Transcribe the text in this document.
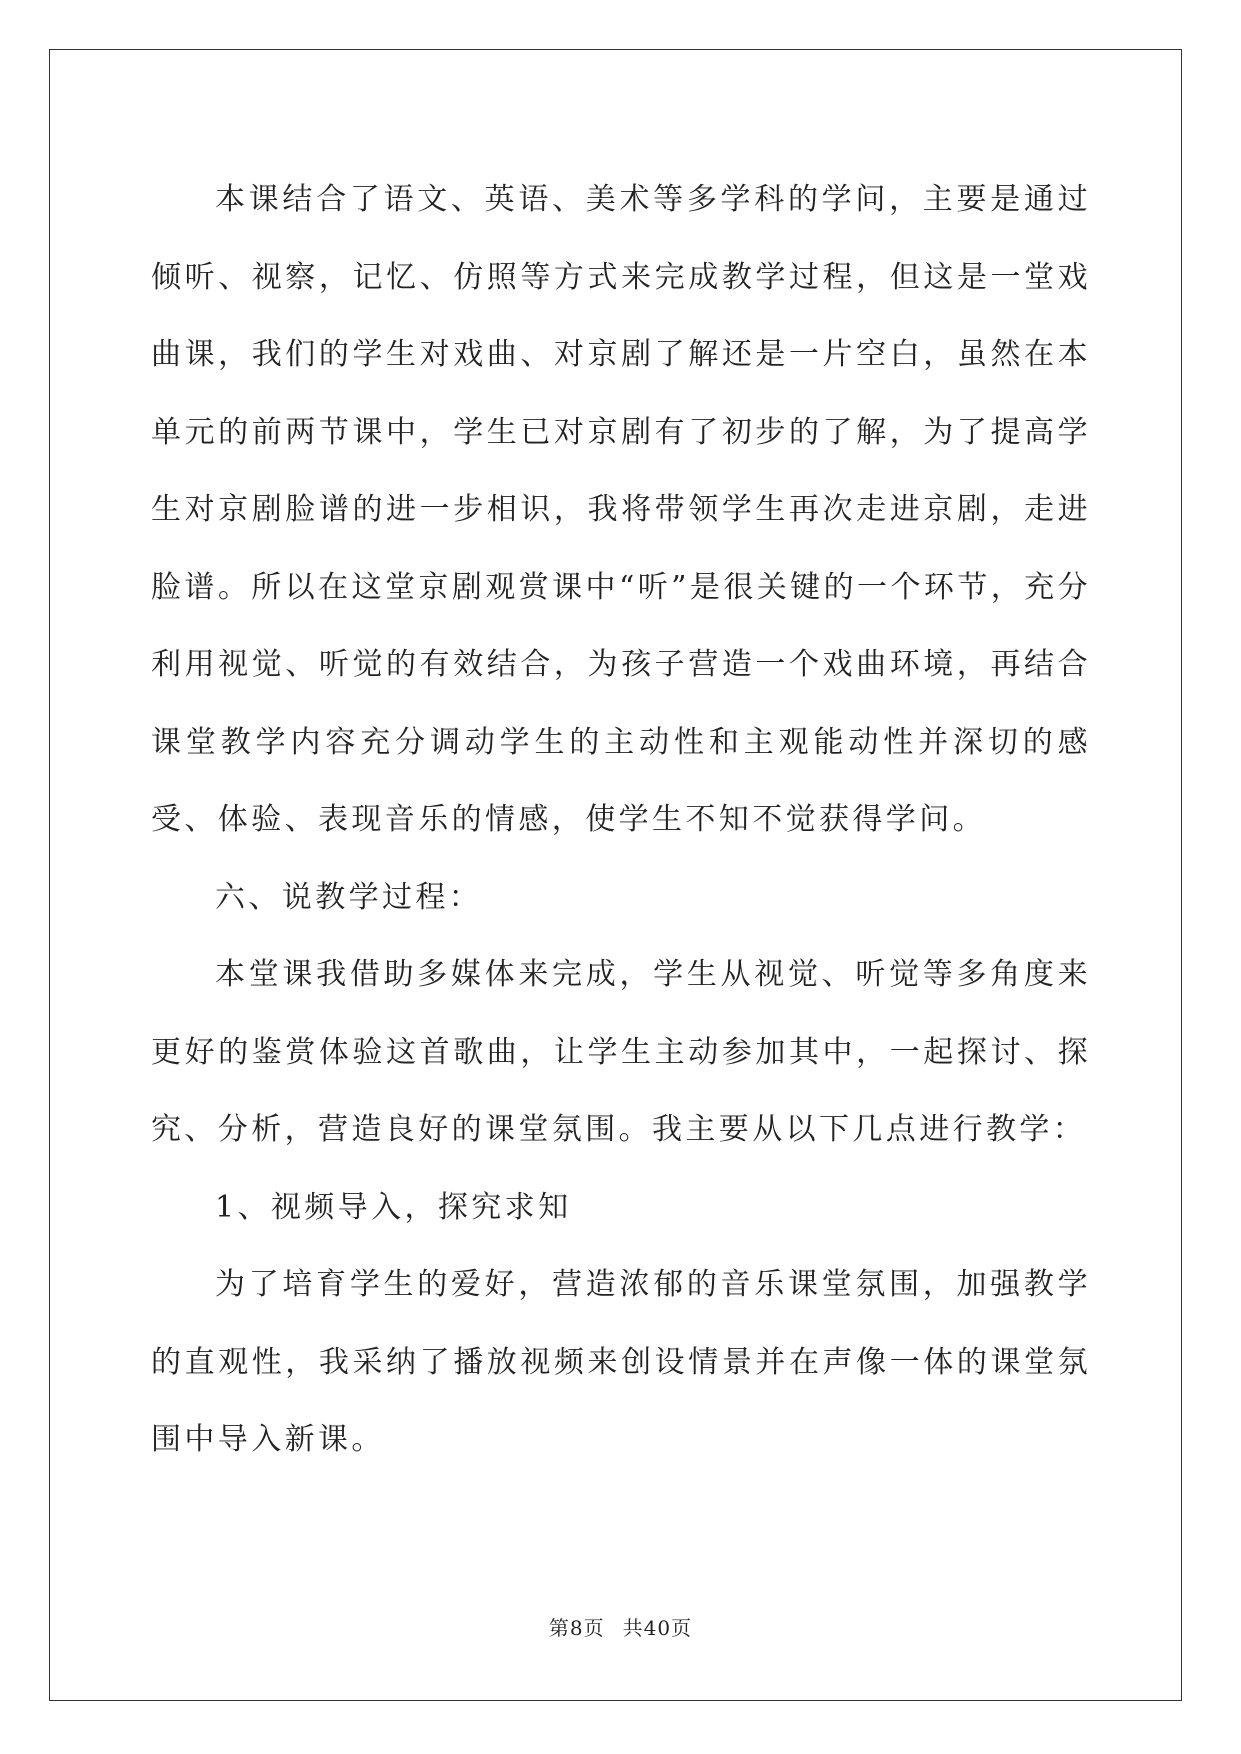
本课结合了语文、英语、美术等多学科的学问，主要是通过倾听、视察，记忆、仿照等方式来完成教学过程，但这是一堂戏曲课，我们的学生对戏曲、对京剧了解还是一片空白，虽然在本单元的前两节课中，学生已对京剧有了初步的了解，为了提高学生对京剧脸谱的进一步相识，我将带领学生再次走进京剧，走进脸谱。所以在这堂京剧观赏课中“听”是很关键的一个环节，充分利用视觉、听觉的有效结合，为孩子营造一个戏曲环境，再结合课堂教学内容充分调动学生的主动性和主观能动性并深切的感受、体验、表现音乐的情感，使学生不知不觉获得学问。

六、说教学过程：

本堂课我借助多媒体来完成，学生从视觉、听觉等多角度来更好的鉴赏体验这首歌曲，让学生主动参加其中，一起探讨、探究、分析，营造良好的课堂氛围。我主要从以下几点进行教学：

1、视频导入，探究求知

为了培育学生的爱好，营造浓郁的音乐课堂氛围，加强教学的直观性，我采纳了播放视频来创设情景并在声像一体的课堂氛围中导入新课。

第8页 共40页
